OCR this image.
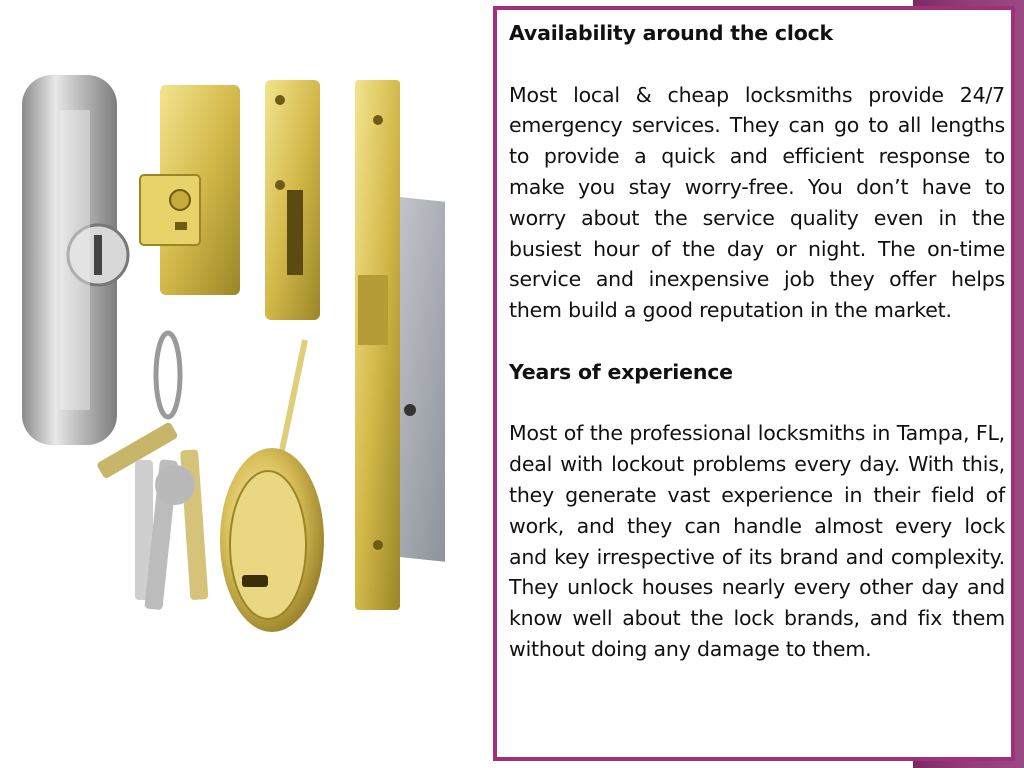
Availability around the clock

Most local & cheap locksmiths provide 24/7 emergency services. They can go to all lengths to provide a quick and efficient response to make you stay worry-free. You don’t have to worry about the service quality even in the busiest hour of the day or night. The on-time service and inexpensive job they offer helps them build a good reputation in the market.

Years of experience

Most of the professional locksmiths in Tampa, FL, deal with lockout problems every day. With this, they generate vast experience in their field of work, and they can handle almost every lock and key irrespective of its brand and complexity. They unlock houses nearly every other day and know well about the lock brands, and fix them without doing any damage to them.
